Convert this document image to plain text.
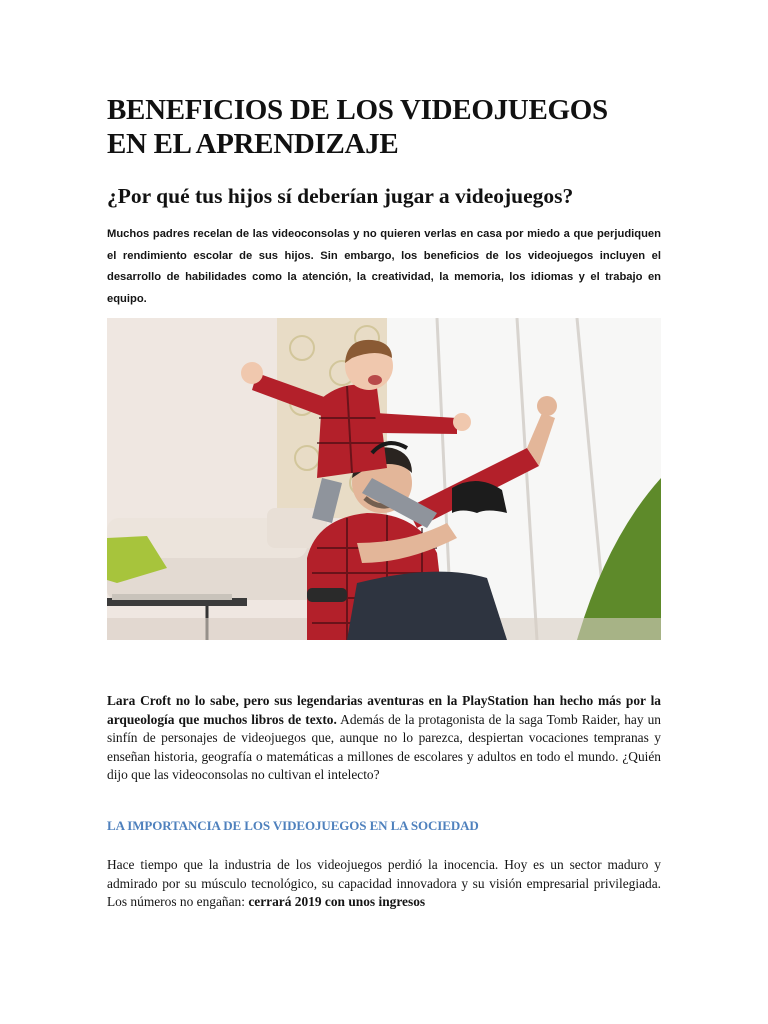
BENEFICIOS DE LOS VIDEOJUEGOS
EN EL APRENDIZAJE
¿Por qué tus hijos sí deberían jugar a videojuegos?

Muchos padres recelan de las videoconsolas y no quieren verlas en casa por miedo a que perjudiquen el rendimiento escolar de sus hijos. Sin embargo, los beneficios de los videojuegos incluyen el desarrollo de habilidades como la atención, la creatividad, la memoria, los idiomas y el trabajo en equipo.

Lara Croft no lo sabe, pero sus legendarias aventuras en la PlayStation han hecho más por la arqueología que muchos libros de texto. Además de la protagonista de la saga Tomb Raider, hay un sinfín de personajes de videojuegos que, aunque no lo parezca, despiertan vocaciones tempranas y enseñan historia, geografía o matemáticas a millones de escolares y adultos en todo el mundo. ¿Quién dijo que las videoconsolas no cultivan el intelecto?

LA IMPORTANCIA DE LOS VIDEOJUEGOS EN LA SOCIEDAD

Hace tiempo que la industria de los videojuegos perdió la inocencia. Hoy es un sector maduro y admirado por su músculo tecnológico, su capacidad innovadora y su visión empresarial privilegiada. Los números no engañan: cerrará 2019 con unos ingresos
